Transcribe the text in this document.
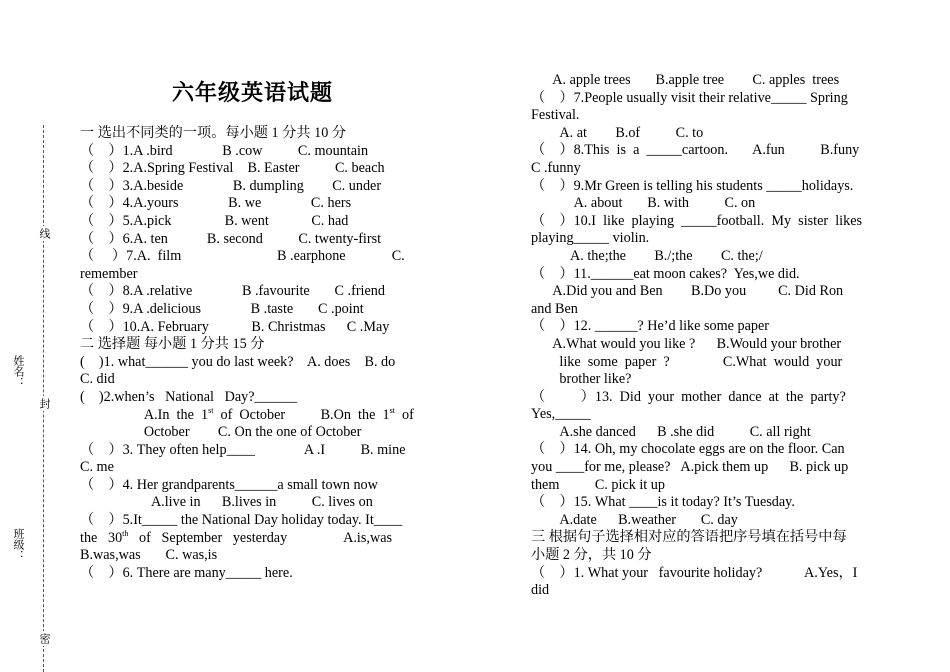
线
封
密
姓名：
班级：
六年级英语试题
一 选出不同类的一项。每小题 1 分共 10 分
（    ）1.A .bird              B .cow          C. mountain
（    ）2.A.Spring Festival    B. Easter          C. beach
（    ）3.A.beside              B. dumpling        C. under
（    ）4.A.yours              B. we              C. hers
（    ）5.A.pick               B. went            C. had
（    ）6.A. ten           B. second          C. twenty-first
（     ）7.A.  film                           B .earphone             C.
remember
（    ）8.A .relative              B .favourite       C .friend
（    ）9.A .delicious              B .taste       C .point
（    ）10.A. February            B. Christmas      C .May
二 选择题 每小题 1 分共 15 分
(    )1. what______ you do last week?    A. does    B. do
C. did
(    )2.when’s   National   Day?______
A.In  the  1st  of  October          B.On  the  1st  of
October        C. On the one of October
（    ）3. They often help____              A .I          B. mine
C. me
（    ）4. Her grandparents______a small town now
A.live in      B.lives in          C. lives on
（    ）5.It_____ the National Day holiday today. It____
the   30th   of   September   yesterday                A.is,was
B.was,was       C. was,is
（    ）6. There are many_____ here.
A. apple trees       B.apple tree        C. apples  trees
（    ）7.People usually visit their relative_____ Spring
Festival.
A. at        B.of          C. to
（    ）8.This  is  a  _____cartoon.       A.fun          B.funy
C .funny
（    ）9.Mr Green is telling his students _____holidays.
A. about       B. with          C. on
（    ）10.I  like  playing  _____football.  My  sister  likes
playing_____ violin.
A. the;the        B./;the        C. the;/
（    ）11.______eat moon cakes?  Yes,we did.
A.Did you and Ben        B.Do you         C. Did Ron
and Ben
（    ）12. ______? He’d like some paper
A.What would you like ?      B.Would your brother
like  some  paper  ?               C.What  would  your
brother like?
（          ）13.  Did  your  mother  dance  at  the  party?
Yes,_____
A.she danced      B .she did          C. all right
（    ）14. Oh, my chocolate eggs are on the floor. Can
you ____for me, please?   A.pick them up      B. pick up
them          C. pick it up
（    ）15. What ____is it today? It’s Tuesday.
A.date      B.weather       C. day
三 根据句子选择相对应的答语把序号填在括号中每
小题 2 分，共 10 分
（    ）1. What your   favourite holiday?            A.Yes，I
did
